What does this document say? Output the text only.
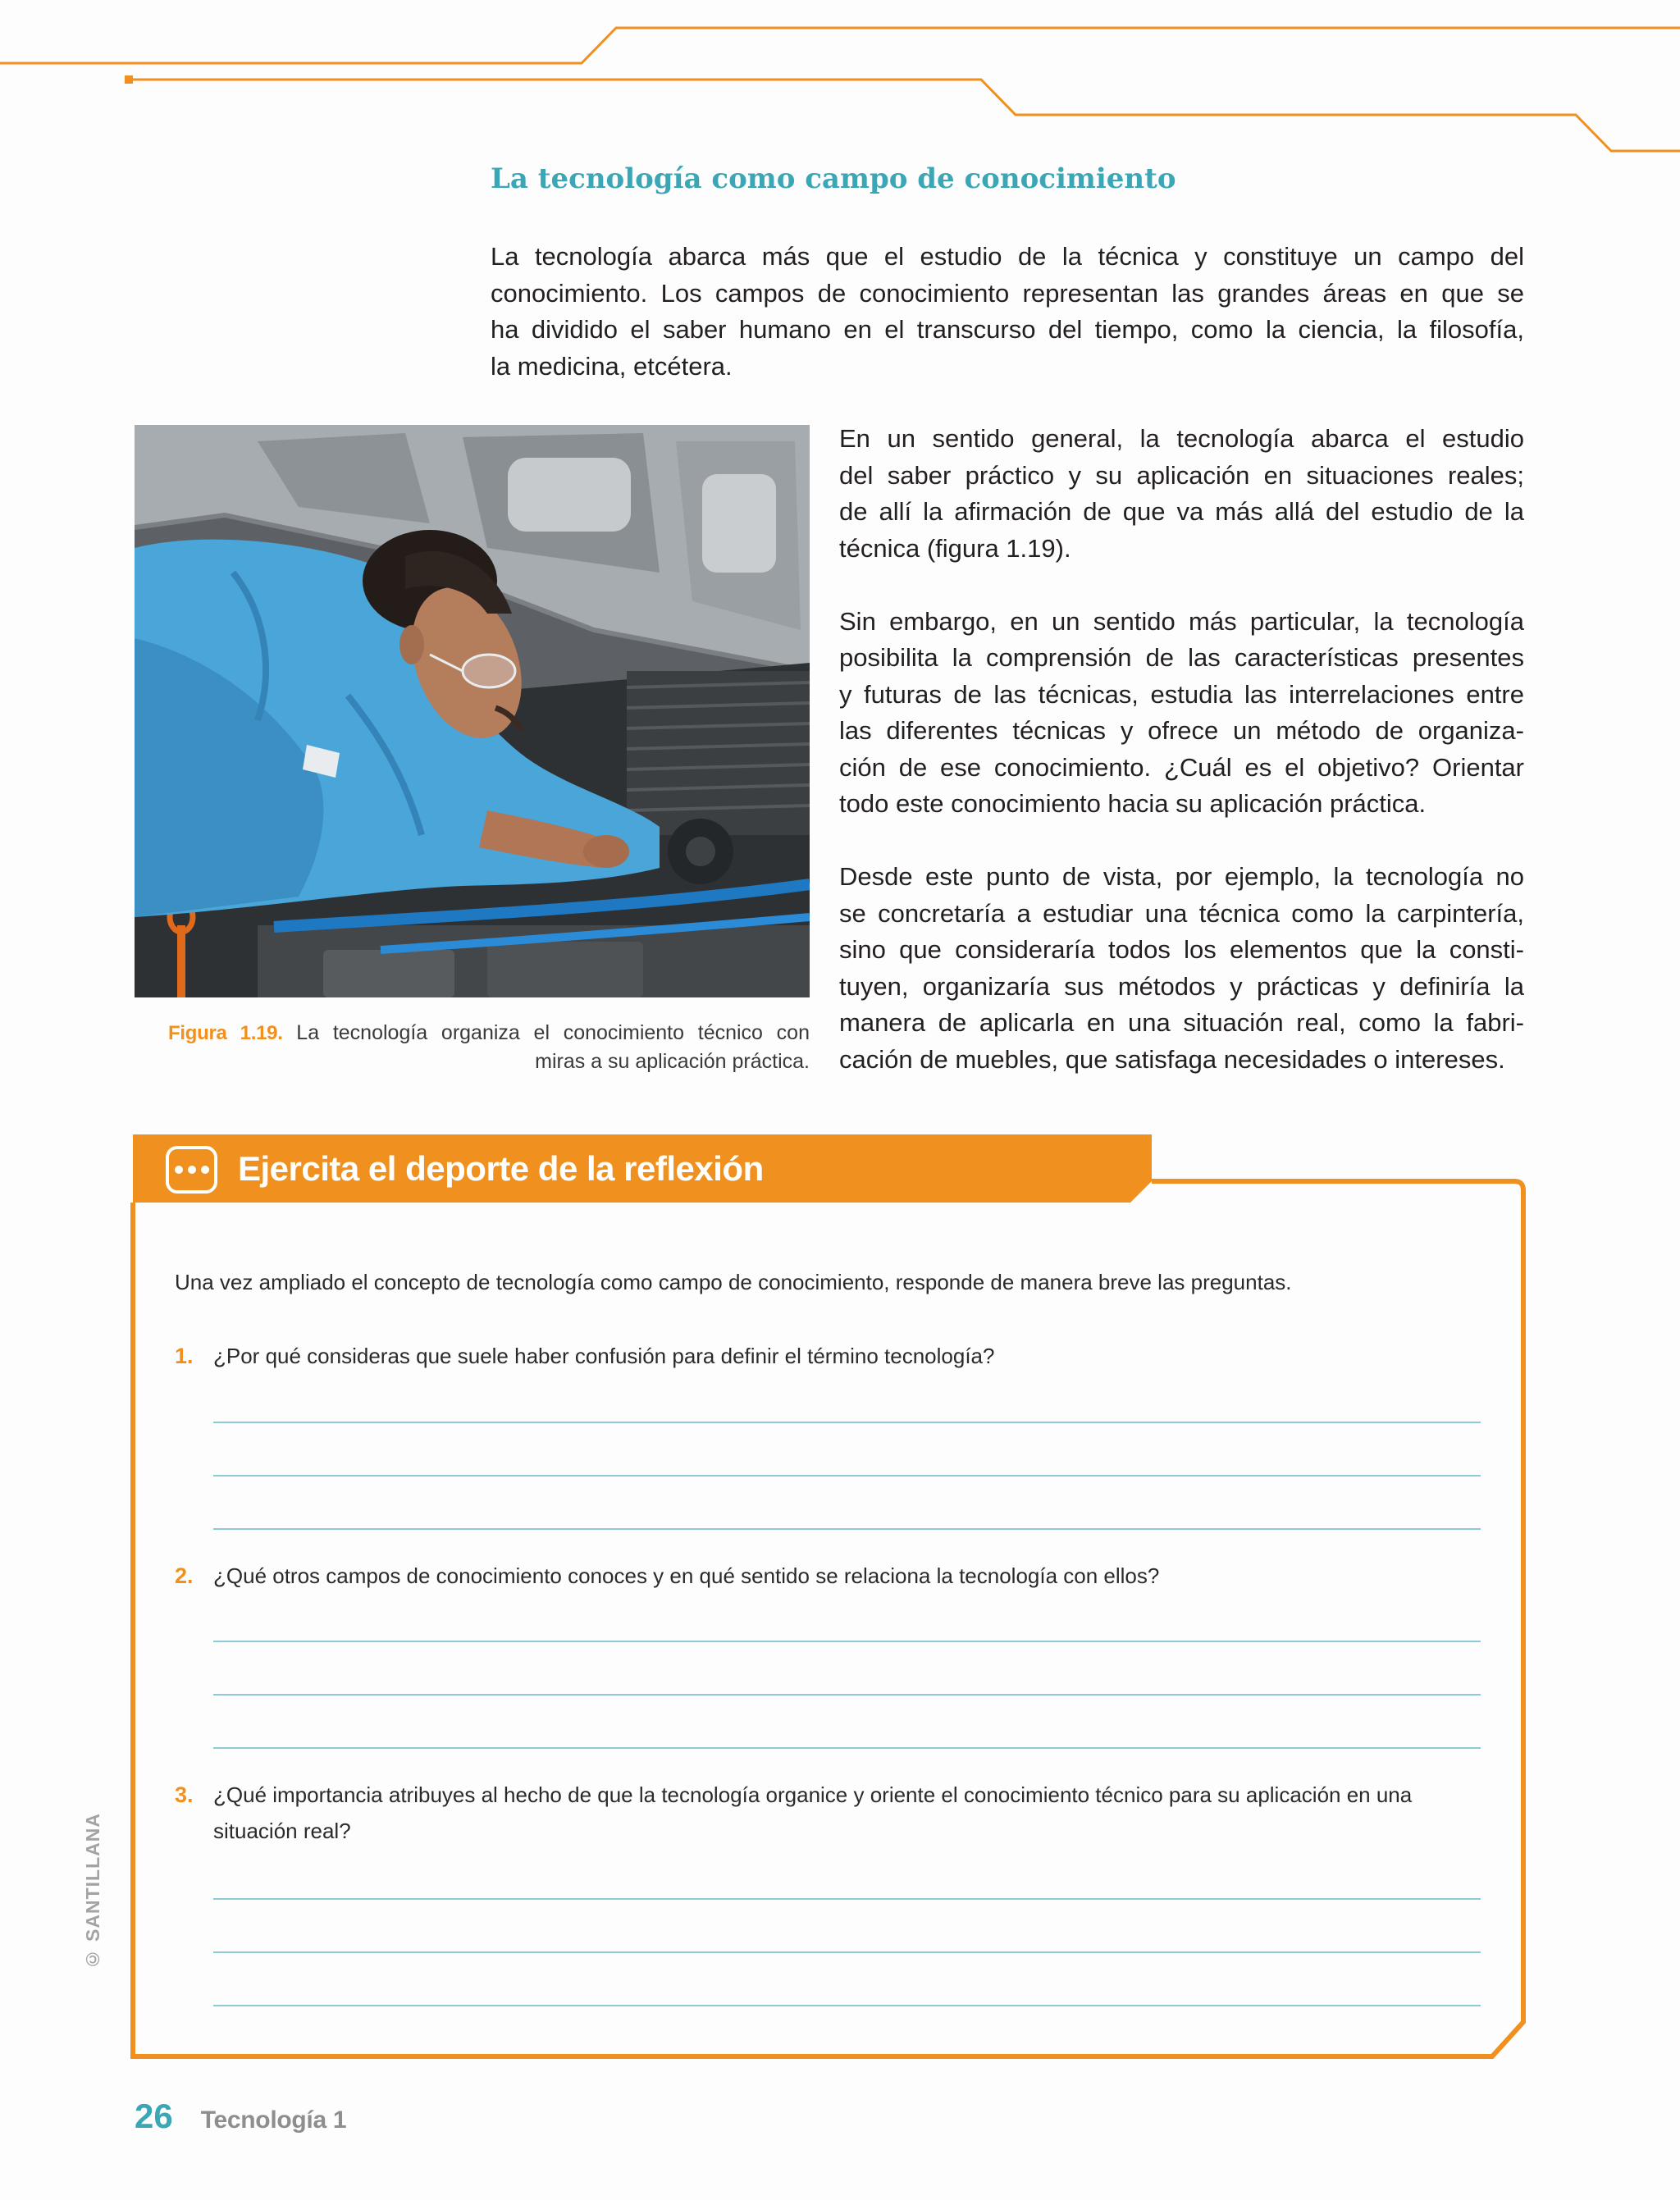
La tecnología como campo de conocimiento

La tecnología abarca más que el estudio de la técnica y constituye un campo del
conocimiento. Los campos de conocimiento representan las grandes áreas en que se
ha dividido el saber humano en el transcurso del tiempo, como la ciencia, la filosofía,
la medicina, etcétera.

Figura 1.19. La tecnología organiza el conocimiento técnico con
miras a su aplicación práctica.

En un sentido general, la tecnología abarca el estudio
del saber práctico y su aplicación en situaciones reales;
de allí la afirmación de que va más allá del estudio de la
técnica (figura 1.19).

Sin embargo, en un sentido más particular, la tecnología
posibilita la comprensión de las características presentes
y futuras de las técnicas, estudia las interrelaciones entre
las diferentes técnicas y ofrece un método de organiza-
ción de ese conocimiento. ¿Cuál es el objetivo? Orientar
todo este conocimiento hacia su aplicación práctica.

Desde este punto de vista, por ejemplo, la tecnología no
se concretaría a estudiar una técnica como la carpintería,
sino que consideraría todos los elementos que la consti-
tuyen, organizaría sus métodos y prácticas y definiría la
manera de aplicarla en una situación real, como la fabri-
cación de muebles, que satisfaga necesidades o intereses.

Ejercita el deporte de la reflexión
Una vez ampliado el concepto de tecnología como campo de conocimiento, responde de manera breve las preguntas.
1. ¿Por qué consideras que suele haber confusión para definir el término tecnología?
2. ¿Qué otros campos de conocimiento conoces y en qué sentido se relaciona la tecnología con ellos?
3. ¿Qué importancia atribuyes al hecho de que la tecnología organice y oriente el conocimiento técnico para su aplicación en una
situación real?
© SANTILLANA
26 Tecnología 1
